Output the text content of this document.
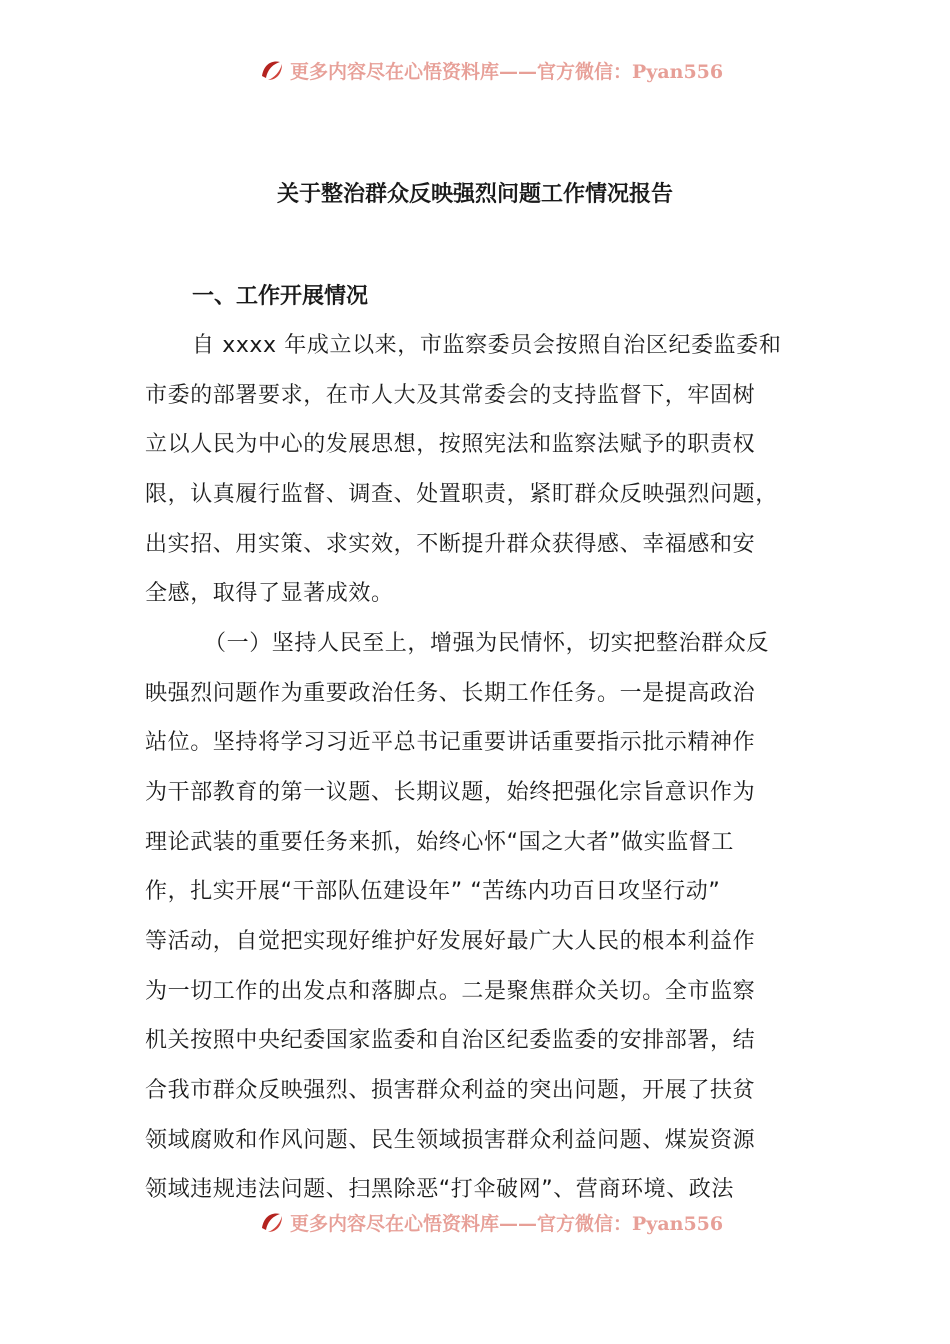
更多内容尽在心悟资料库——官方微信：Pyan556
关于整治群众反映强烈问题工作情况报告
一、工作开展情况

自 xxxx 年成立以来，市监察委员会按照自治区纪委监委和

市委的部署要求，在市人大及其常委会的支持监督下，牢固树

立以人民为中心的发展思想，按照宪法和监察法赋予的职责权

限，认真履行监督、调查、处置职责，紧盯群众反映强烈问题，

出实招、用实策、求实效，不断提升群众获得感、幸福感和安

全感，取得了显著成效。

（一）坚持人民至上，增强为民情怀，切实把整治群众反

映强烈问题作为重要政治任务、长期工作任务。一是提高政治

站位。坚持将学习习近平总书记重要讲话重要指示批示精神作

为干部教育的第一议题、长期议题，始终把强化宗旨意识作为

理论武装的重要任务来抓，始终心怀“国之大者”做实监督工

作，扎实开展“干部队伍建设年” “苦练内功百日攻坚行动”

等活动，自觉把实现好维护好发展好最广大人民的根本利益作

为一切工作的出发点和落脚点。二是聚焦群众关切。全市监察

机关按照中央纪委国家监委和自治区纪委监委的安排部署，结

合我市群众反映强烈、损害群众利益的突出问题，开展了扶贫

领域腐败和作风问题、民生领域损害群众利益问题、煤炭资源

领域违规违法问题、扫黑除恶“打伞破网”、营商环境、政法

更多内容尽在心悟资料库——官方微信：Pyan556
